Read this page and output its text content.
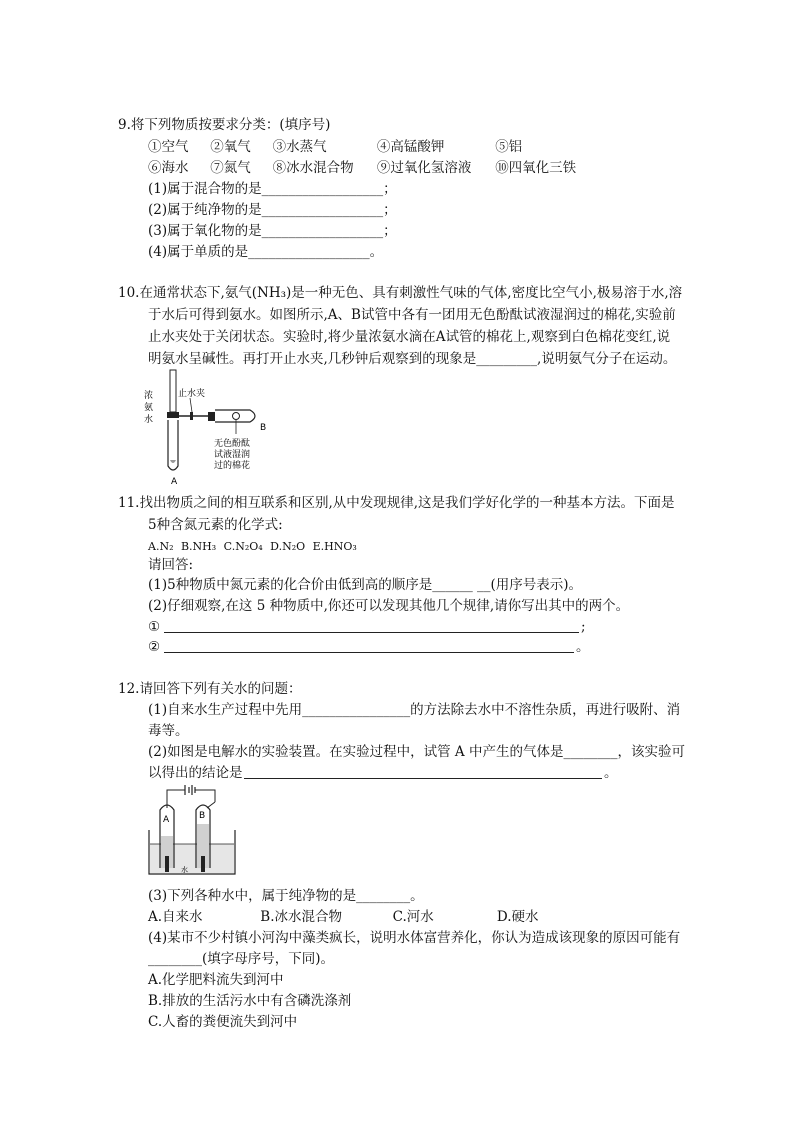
9.将下列物质按要求分类：(填序号)
①空气 ②氧气 ③水蒸气	④高锰酸钾	⑤铝
⑥海水 ⑦氮气 ⑧冰水混合物 ⑨过氧化氢溶液 ⑩四氧化三铁
(1)属于混合物的是__________________；
(2)属于纯净物的是__________________；
(3)属于氧化物的是__________________；
(4)属于单质的是__________________。
10.在通常状态下,氨气(NH₃)是一种无色、具有刺激性气味的气体,密度比空气小,极易溶于水,溶
于水后可得到氨水。如图所示,A、B试管中各有一团用无色酚酞试液湿润过的棉花,实验前
止水夹处于关闭状态。实验时,将少量浓氨水滴在A试管的棉花上,观察到白色棉花变红,说
明氨水呈碱性。再打开止水夹,几秒钟后观察到的现象是_________,说明氨气分子在运动。
浓
氨
水
止水夹
B
A
无色酚酞
试液湿润
过的棉花
11.找出物质之间的相互联系和区别,从中发现规律,这是我们学好化学的一种基本方法。下面是
5种含氮元素的化学式:
A.N₂ B.NH₃ C.N₂O₄ D.N₂O E.HNO₃
请回答:
(1)5种物质中氮元素的化合价由低到高的顺序是______ __(用序号表示)。
(2)仔细观察,在这 5 种物质中,你还可以发现其他几个规律,请你写出其中的两个。
①	;
②	。
12.请回答下列有关水的问题：
(1)自来水生产过程中先用________________的方法除去水中不溶性杂质，再进行吸附、消
毒等。
(2)如图是电解水的实验装置。在实验过程中，试管 A 中产生的气体是________，该实验可
以得出的结论是	。
A	B
水
(3)下列各种水中，属于纯净物的是________。
A.自来水	B.冰水混合物	C.河水	D.硬水
(4)某市不少村镇小河沟中藻类疯长，说明水体富营养化，你认为造成该现象的原因可能有
________(填字母序号，下同)。
A.化学肥料流失到河中
B.排放的生活污水中有含磷洗涤剂
C.人畜的粪便流失到河中
